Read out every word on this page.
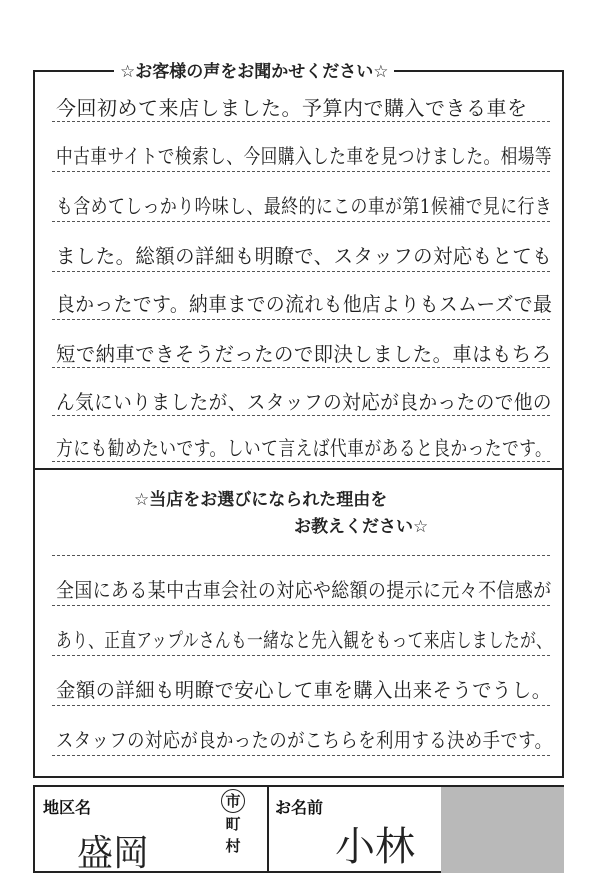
☆お客様の声をお聞かせください☆
今回初めて来店しました。予算内で購入できる車を
中古車サイトで検索し、今回購入した車を見つけました。相場等
も含めてしっかり吟味し、最終的にこの車が第1候補で見に行き
ました。総額の詳細も明瞭で、スタッフの対応もとても
良かったです。納車までの流れも他店よりもスムーズで最
短で納車できそうだったので即決しました。車はもちろ
ん気にいりましたが、スタッフの対応が良かったので他の
方にも勧めたいです。しいて言えば代車があると良かったです。
☆当店をお選びになられた理由を
お教えください☆
全国にある某中古車会社の対応や総額の提示に元々不信感が
あり、正直アップルさんも一緒なと先入観をもって来店しましたが、
金額の詳細も明瞭で安心して車を購入出来そうでうし。
スタッフの対応が良かったのがこちらを利用する決め手です。
地区名	市
町
村
盛岡
お名前
小林
